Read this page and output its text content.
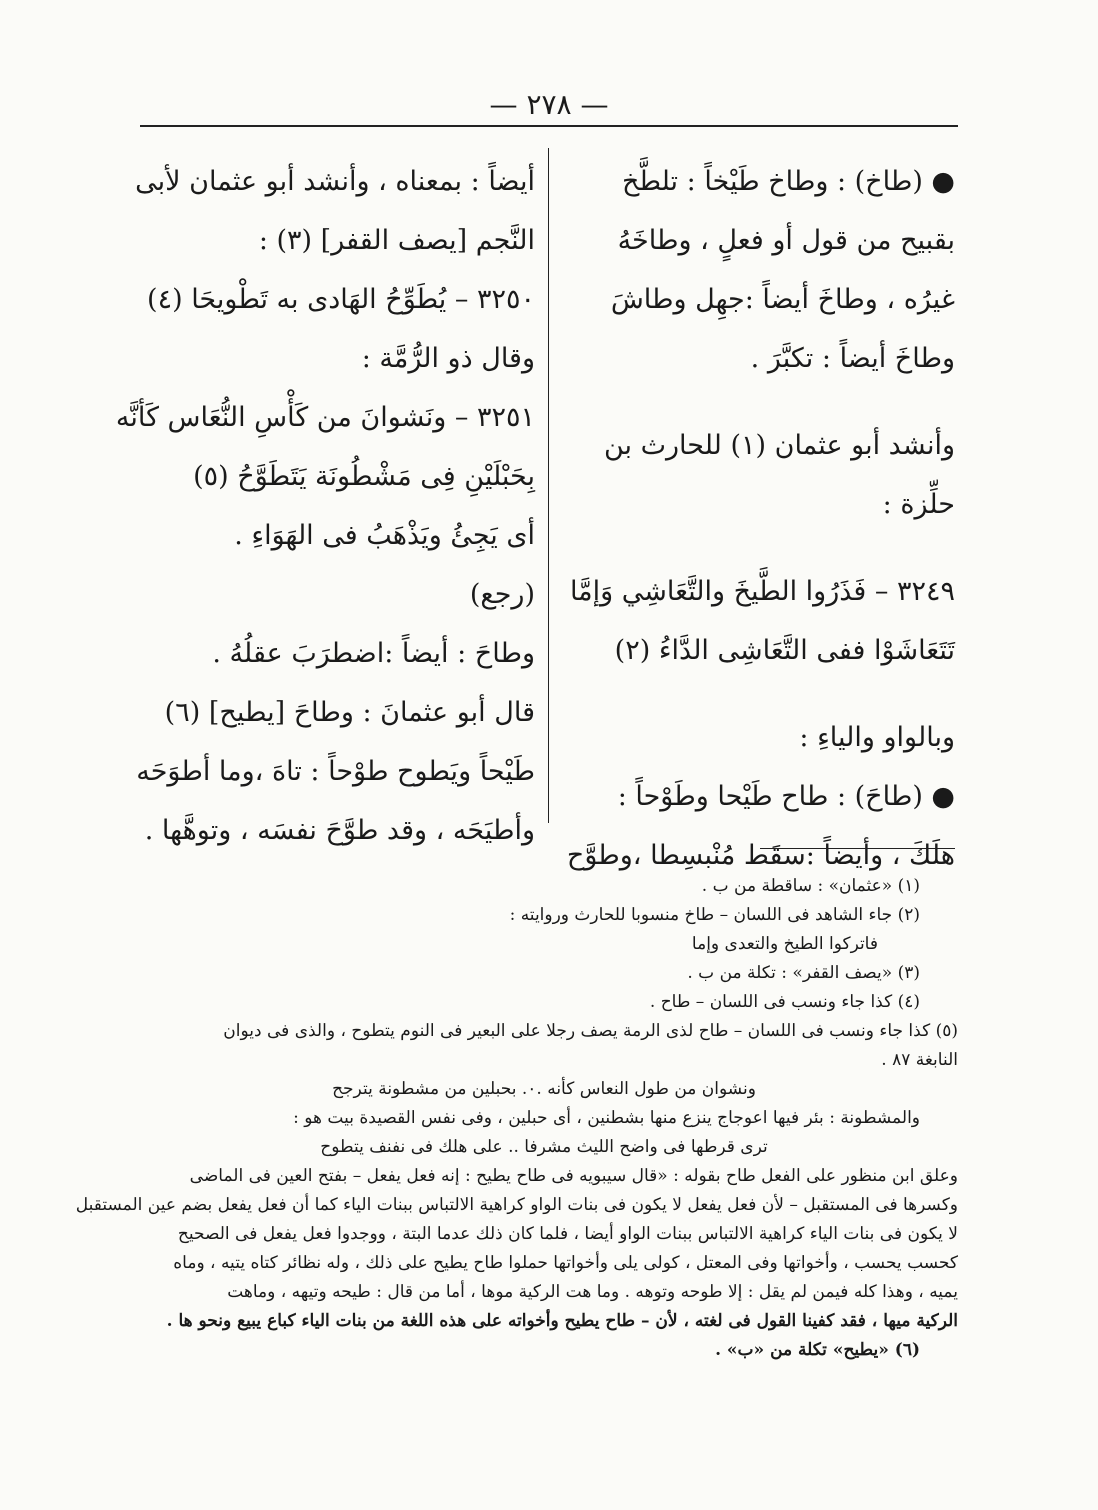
— ٢٧٨ —
● (طاخ) : وطاخ طَيْخاً : تلطَّخ
بقبيح من قول أو فعلٍ ، وطاخَهُ
غيرُه ، وطاخَ أيضاً :جهِل وطاشَ
وطاخَ أيضاً : تكبَّرَ .
وأنشد أبو عثمان (١) للحارث بن
حلِّزة :
٣٢٤٩ – فَذَرُوا الطَّيخَ والتَّعَاشِي وَإمَّا
تَتَعَاشَوْا ففى التَّعَاشِى الدَّاءُ (٢)
وبالواو والياءِ :
● (طاحَ) : طاح طَيْحا وطَوْحاً :
هلَكَ ، وأيضاً :سقَط مُنْبسِطا ،وطوَّح
أيضاً : بمعناه ، وأنشد أبو عثمان لأبى
النَّجم [يصف القفر] (٣) :
٣٢٥٠ – يُطَوِّحُ الهَادى به تَطْويحَا (٤)
وقال ذو الرُّمَّة :
٣٢٥١ – ونَشوانَ من كَأْسِ النُّعَاس كَأنَّه
بِحَبْلَيْنِ فِى مَشْطُونَة يَتَطَوَّحُ (٥)
أى يَجِئُ ويَذْهَبُ فى الهَوَاءِ .
(رجع)
وطاحَ : أيضاً :اضطرَبَ عقلُهُ .
قال أبو عثمانَ : وطاحَ [يطيح] (٦)
طَيْحاً ويَطوح طوْحاً : تاهَ ،وما أطوَحَه
وأطيَحَه ، وقد طوَّحَ نفسَه ، وتوهَّها .
(١) «عثمان» : ساقطة من ب .
(٢) جاء الشاهد فى اللسان – طاخ منسوبا للحارث وروايته :
فاتركوا الطيخ والتعدى وإما
(٣) «يصف القفر» : تكلة من ب .
(٤) كذا جاء ونسب فى اللسان – طاح .
(٥) كذا جاء ونسب فى اللسان – طاح لذى الرمة يصف رجلا على البعير فى النوم يتطوح ، والذى فى ديوان
النابغة ٨٧ .
ونشوان من طول النعاس كأنه .٠. بحبلين من مشطونة يترجح
والمشطونة : بئر فيها اعوجاج ينزع منها بشطنين ، أى حبلين ، وفى نفس القصيدة بيت هو :
ترى قرطها فى واضح الليث مشرفا .. على هلك فى نفنف يتطوح
وعلق ابن منظور على الفعل طاح بقوله : «قال سيبويه فى طاح يطيح : إنه فعل يفعل – بفتح العين فى الماضى
وكسرها فى المستقبل – لأن فعل يفعل لا يكون فى بنات الواو كراهية الالتباس ببنات الياء كما أن فعل يفعل بضم عين المستقبل
لا يكون فى بنات الياء كراهية الالتباس ببنات الواو أيضا ، فلما كان ذلك عدما البتة ، ووجدوا فعل يفعل فى الصحيح
كحسب يحسب ، وأخواتها وفى المعتل ، كولى يلى وأخواتها حملوا طاح يطيح على ذلك ، وله نظائر كتاه يتيه ، وماه
يميه ، وهذا كله فيمن لم يقل : إلا طوحه وتوهه . وما هت الركية موها ، أما من قال : طيحه وتيهه ، وماهت
الركية ميها ، فقد كفينا القول فى لغته ، لأن – طاح يطيح وأخواته على هذه اللغة من بنات الياء كباع يبيع ونحو ها .
(٦) «يطيح» تكلة من «ب» .
